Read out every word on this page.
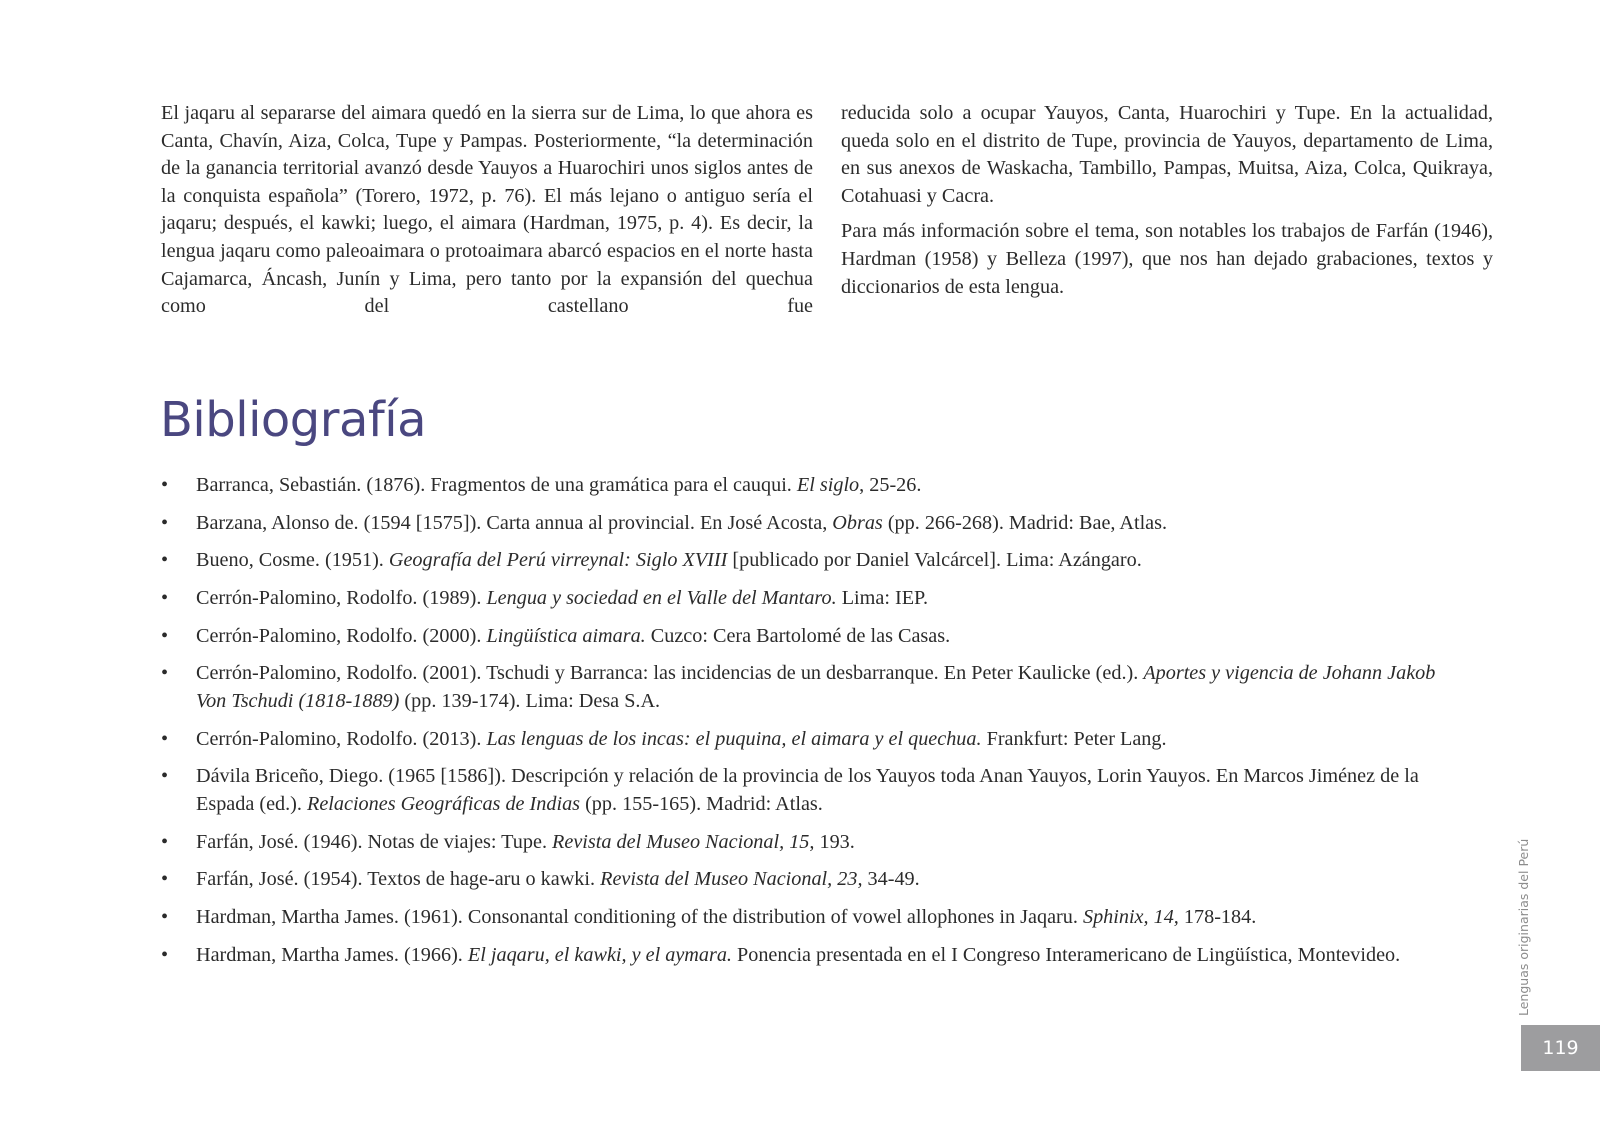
El jaqaru al separarse del aimara quedó en la sierra sur de Lima, lo que ahora es Canta, Chavín, Aiza, Colca, Tupe y Pampas. Posteriormente, “la determinación de la ganancia territorial avanzó desde Yauyos a Huarochiri unos siglos antes de la conquista española” (Torero, 1972, p. 76). El más lejano o antiguo sería el jaqaru; después, el kawki; luego, el aimara (Hardman, 1975, p. 4). Es decir, la lengua jaqaru como paleoaimara o protoaimara abarcó espacios en el norte hasta Cajamarca, Áncash, Junín y Lima, pero tanto por la expansión del quechua como del castellano fue

reducida solo a ocupar Yauyos, Canta, Huarochiri y Tupe. En la actualidad, queda solo en el distrito de Tupe, provincia de Yauyos, departamento de Lima, en sus anexos de Waskacha, Tambillo, Pampas, Muitsa, Aiza, Colca, Quikraya, Cotahuasi y Cacra.

Para más información sobre el tema, son notables los trabajos de Farfán (1946), Hardman (1958) y Belleza (1997), que nos han dejado grabaciones, textos y diccionarios de esta lengua.

Bibliografía
• Barranca, Sebastián. (1876). Fragmentos de una gramática para el cauqui. El siglo, 25-26.
• Barzana, Alonso de. (1594 [1575]). Carta annua al provincial. En José Acosta, Obras (pp. 266-268). Madrid: Bae, Atlas.
• Bueno, Cosme. (1951). Geografía del Perú virreynal: Siglo XVIII [publicado por Daniel Valcárcel]. Lima: Azángaro.
• Cerrón-Palomino, Rodolfo. (1989). Lengua y sociedad en el Valle del Mantaro. Lima: IEP.
• Cerrón-Palomino, Rodolfo. (2000). Lingüística aimara. Cuzco: Cera Bartolomé de las Casas.
• Cerrón-Palomino, Rodolfo. (2001). Tschudi y Barranca: las incidencias de un desbarranque. En Peter Kaulicke (ed.). Aportes y vigencia de Johann Jakob Von Tschudi (1818-1889) (pp. 139-174). Lima: Desa S.A.
• Cerrón-Palomino, Rodolfo. (2013). Las lenguas de los incas: el puquina, el aimara y el quechua. Frankfurt: Peter Lang.
• Dávila Briceño, Diego. (1965 [1586]). Descripción y relación de la provincia de los Yauyos toda Anan Yauyos, Lorin Yauyos. En Marcos Jiménez de la Espada (ed.). Relaciones Geográficas de Indias (pp. 155-165). Madrid: Atlas.
• Farfán, José. (1946). Notas de viajes: Tupe. Revista del Museo Nacional, 15, 193.
• Farfán, José. (1954). Textos de hage-aru o kawki. Revista del Museo Nacional, 23, 34-49.
• Hardman, Martha James. (1961). Consonantal conditioning of the distribution of vowel allophones in Jaqaru. Sphinix, 14, 178-184.
• Hardman, Martha James. (1966). El jaqaru, el kawki, y el aymara. Ponencia presentada en el I Congreso Interamericano de Lingüística, Montevideo.	Lenguas originarias del Perú
119
